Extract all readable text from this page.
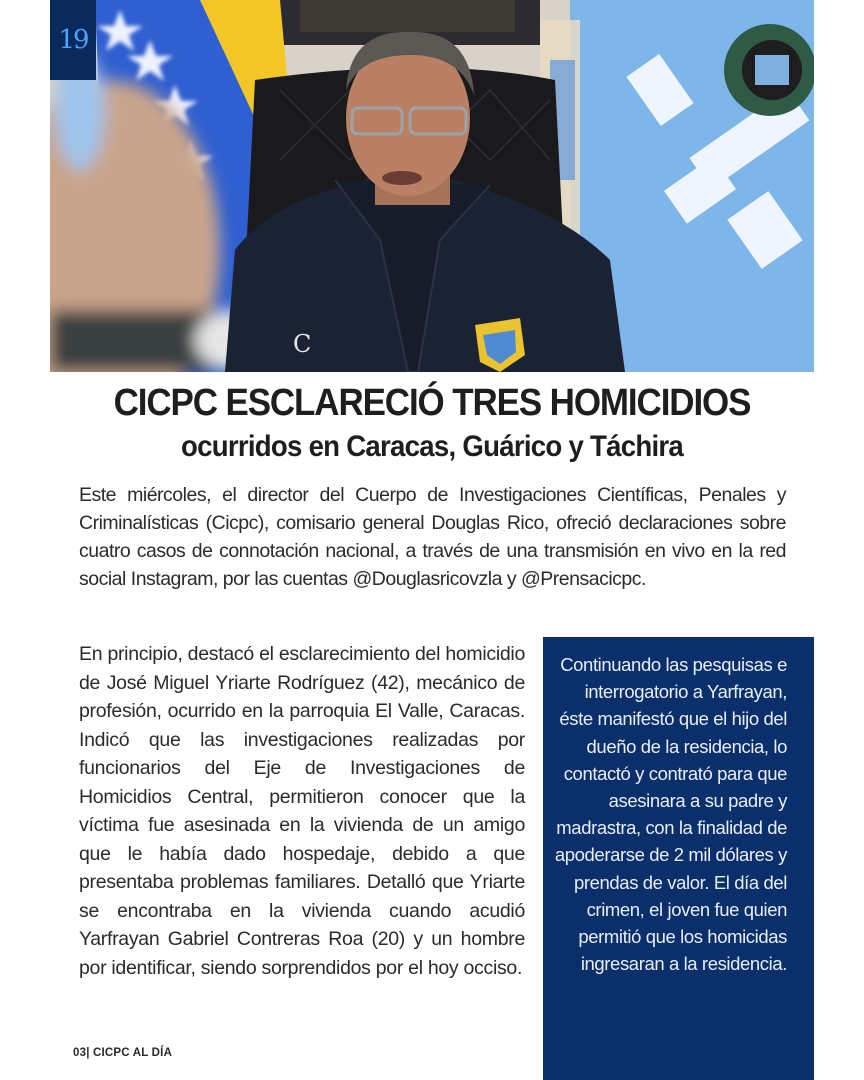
C
19
CICPC ESCLARECIÓ TRES HOMICIDIOS
ocurridos en Caracas, Guárico y Táchira
Este miércoles, el director del Cuerpo de Investigaciones Científicas, Penales y Criminalísticas (Cicpc), comisario general Douglas Rico, ofreció declaraciones sobre cuatro casos de connotación nacional, a través de una transmisión en vivo en la red social Instagram, por las cuentas @Douglasricovzla y @Prensacicpc.
En principio, destacó el esclarecimiento del homicidio de José Miguel Yriarte Rodríguez (42), mecánico de profesión, ocurrido en la parroquia El Valle, Caracas. Indicó que las investigaciones realizadas por funcionarios del Eje de Investigaciones de Homicidios Central, permitieron conocer que la víctima fue asesinada en la vivienda de un amigo que le había dado hospedaje, debido a que presentaba problemas familiares. Detalló que Yriarte se encontraba en la vivienda cuando acudió Yarfrayan Gabriel Contreras Roa (20) y un hombre por identificar, siendo sorprendidos por el hoy occiso.

Continuando las pesquisas e interrogatorio a Yarfrayan, éste manifestó que el hijo del dueño de la residencia, lo contactó y contrató para que asesinara a su padre y madrastra, con la finalidad de apoderarse de 2 mil dólares y prendas de valor. El día del crimen, el joven fue quien permitió que los homicidas ingresaran a la residencia.

03| CICPC AL DÍA
